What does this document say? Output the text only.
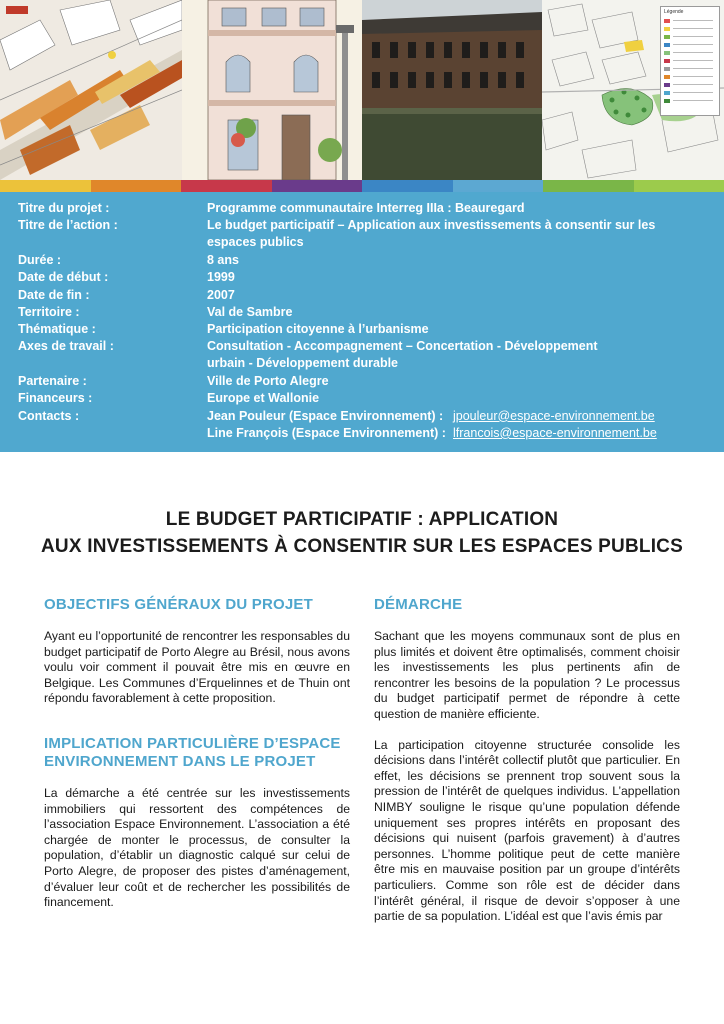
Légende
Titre du projet :	Programme communautaire Interreg IIIa : Beauregard
Titre de l’action :	Le budget participatif – Application aux investissements à consentir sur les
espaces publics
Durée :	8 ans
Date de début :	1999
Date de fin :	2007
Territoire :	Val de Sambre
Thématique :	Participation citoyenne à l’urbanisme
Axes de travail :	Consultation - Accompagnement – Concertation - Développement
urbain - Développement durable
Partenaire :	Ville de Porto Alegre
Financeurs :	Europe et Wallonie
Contacts :	Jean Pouleur (Espace Environnement) : jpouleur@espace-environnement.be
Line François (Espace Environnement) : lfrancois@espace-environnement.be
LE BUDGET PARTICIPATIF : APPLICATION
AUX INVESTISSEMENTS À CONSENTIR SUR LES ESPACES PUBLICS
OBJECTIFS GÉNÉRAUX DU PROJET

Ayant eu l’opportunité de rencontrer les responsables du budget participatif de Porto Alegre au Brésil, nous avons voulu voir comment il pouvait être mis en œuvre en Belgique. Les Communes d’Erquelinnes et de Thuin ont répondu favorablement à cette proposition.

IMPLICATION PARTICULIÈRE D’ESPACE
ENVIRONNEMENT DANS LE PROJET

La démarche a été centrée sur les investissements immobiliers qui ressortent des compétences de l’association Espace Environnement. L’association a été chargée de monter le processus, de consulter la population, d’établir un diagnostic calqué sur celui de Porto Alegre, de proposer des pistes d’aménagement, d’évaluer leur coût et de rechercher les possibilités de financement.

DÉMARCHE

Sachant que les moyens communaux sont de plus en plus limités et doivent être optimalisés, comment choisir les investissements les plus pertinents afin de rencontrer les besoins de la population ? Le processus du budget participatif permet de répondre à cette question de manière efficiente.

La participation citoyenne structurée consolide les décisions dans l’intérêt collectif plutôt que particulier. En effet, les décisions se prennent trop souvent sous la pression de l’intérêt de quelques individus. L’appellation NIMBY souligne le risque qu’une population défende uniquement ses propres intérêts en proposant des décisions qui nuisent (parfois gravement) à d’autres personnes. L’homme politique peut de cette manière être mis en mauvaise position par un groupe d’intérêts particuliers. Comme son rôle est de décider dans l’intérêt général, il risque de devoir s’opposer à une partie de sa population. L’idéal est que l’avis émis par
